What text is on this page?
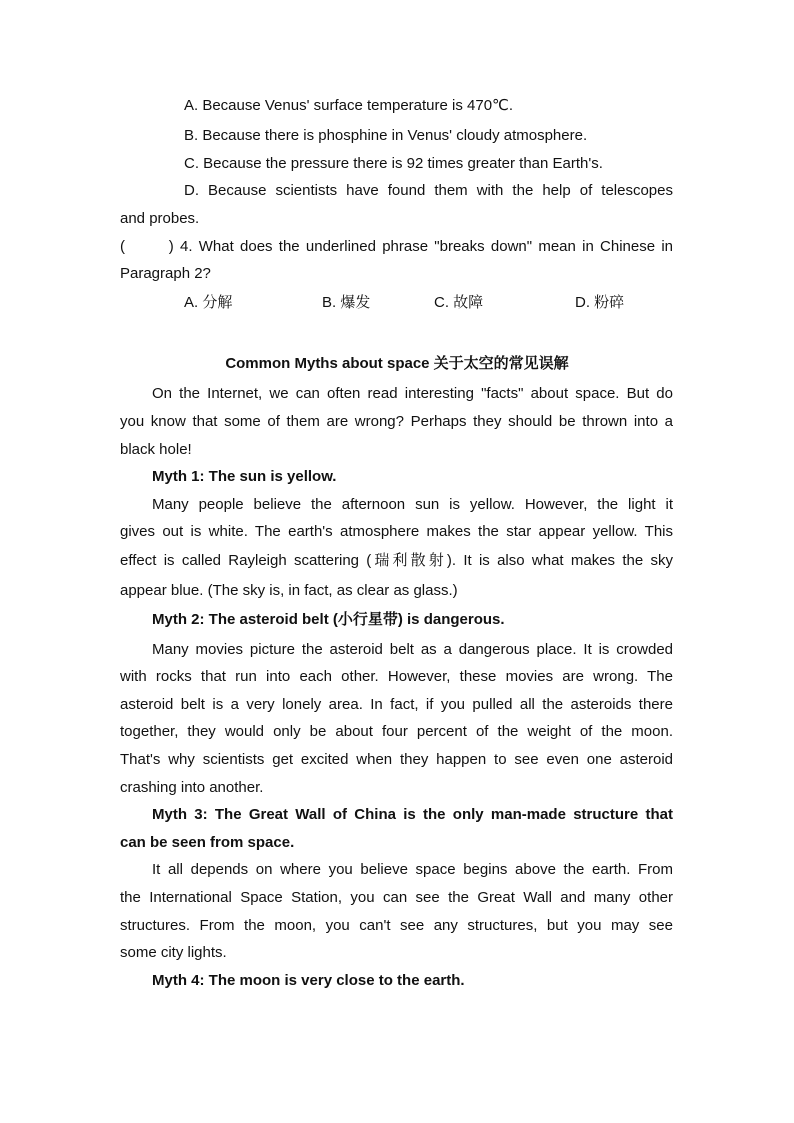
A. Because Venus' surface temperature is 470℃.
B. Because there is phosphine in Venus' cloudy atmosphere.
C. Because the pressure there is 92 times greater than Earth's.
D. Because scientists have found them with the help of telescopes
and probes.
(       ) 4. What does the underlined phrase "breaks down" mean in Chinese in
Paragraph 2?
A. 分解	B. 爆发	C. 故障	D. 粉碎
Common Myths about space 关于太空的常见误解
On the Internet, we can often read interesting "facts" about space. But do
you know that some of them are wrong? Perhaps they should be thrown into a
black hole!
Myth 1: The sun is yellow.
Many people believe the afternoon sun is yellow. However, the light it
gives out is white. The earth's atmosphere makes the star appear yellow. This
effect is called Rayleigh scattering (瑞利散射). It is also what makes the sky
appear blue. (The sky is, in fact, as clear as glass.)
Myth 2: The asteroid belt (小行星带) is dangerous.
Many movies picture the asteroid belt as a dangerous place. It is crowded
with rocks that run into each other. However, these movies are wrong. The
asteroid belt is a very lonely area. In fact, if you pulled all the asteroids there
together, they would only be about four percent of the weight of the moon.
That's why scientists get excited when they happen to see even one asteroid
crashing into another.
Myth 3: The Great Wall of China is the only man-made structure that
can be seen from space.
It all depends on where you believe space begins above the earth. From
the International Space Station, you can see the Great Wall and many other
structures. From the moon, you can't see any structures, but you may see
some city lights.
Myth 4: The moon is very close to the earth.
